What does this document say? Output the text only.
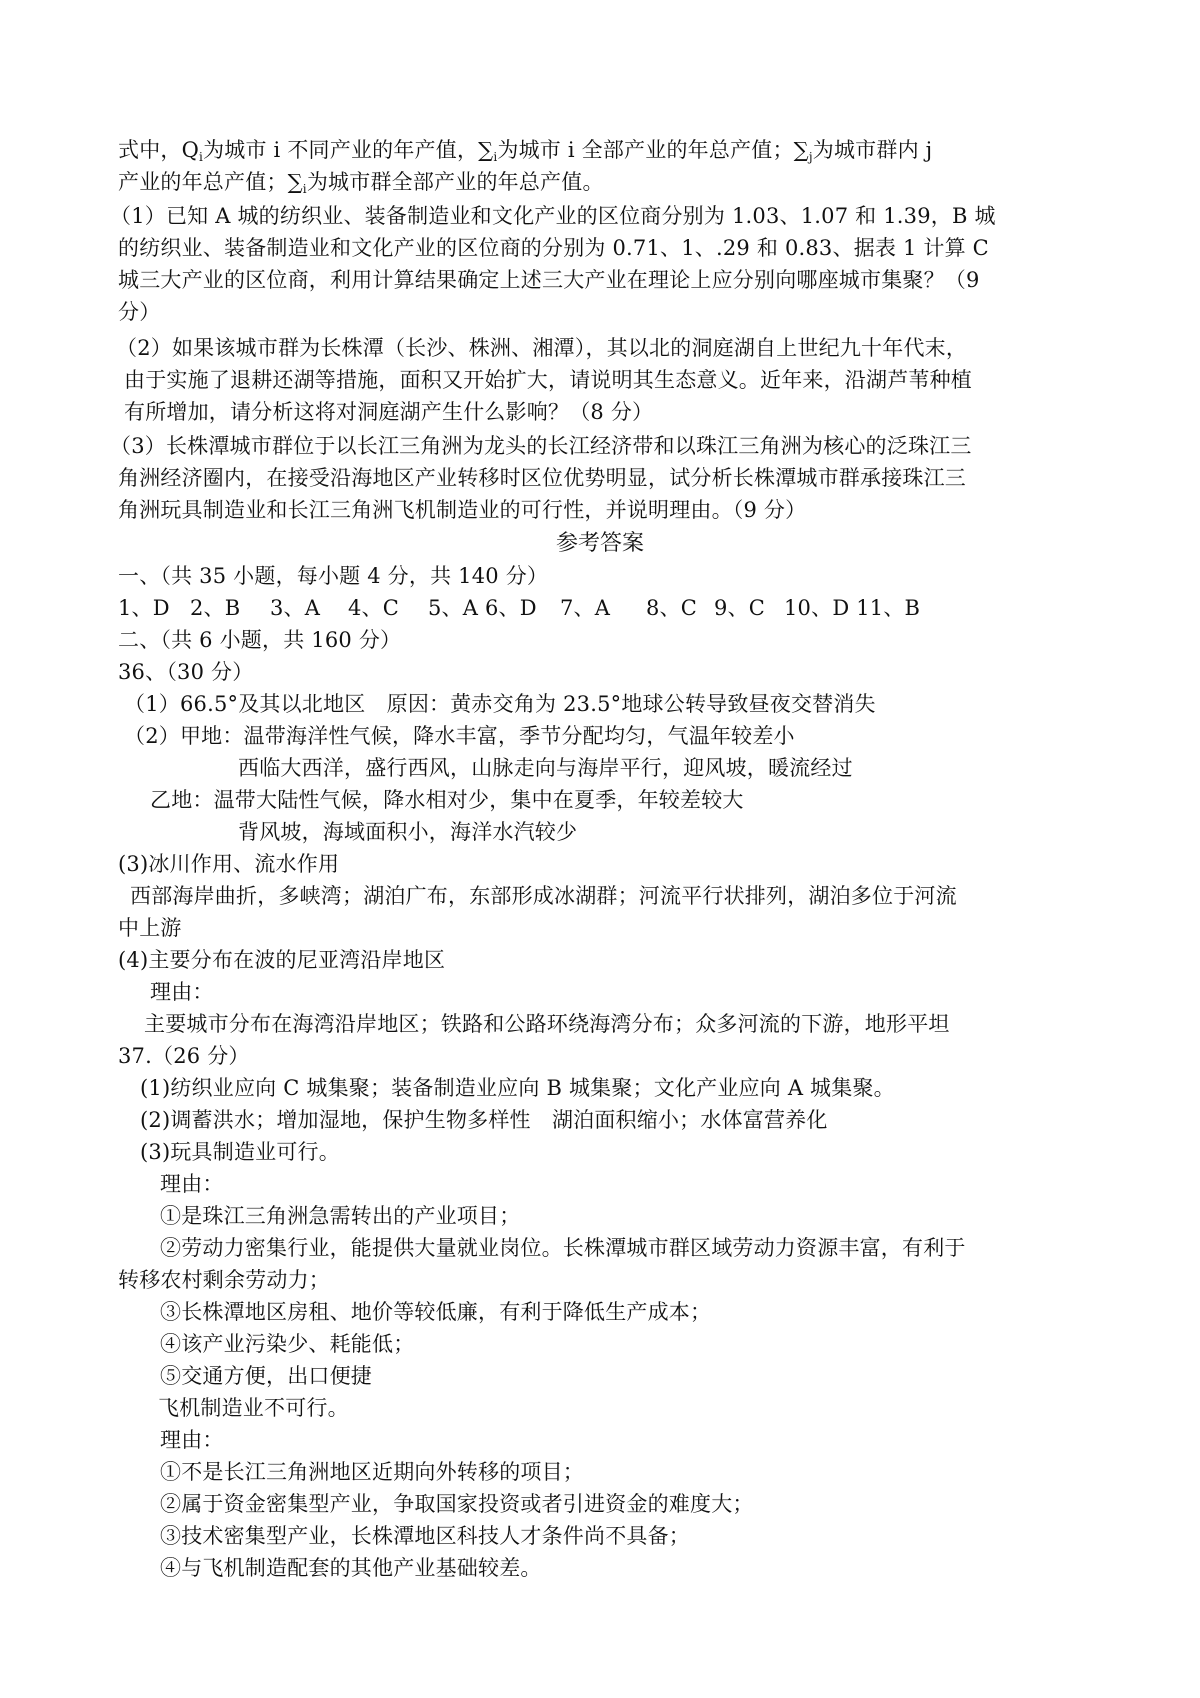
式中，$Q_i$为城市 i 不同产业的年产值，$\sum_i$为城市 i 全部产业的年总产值；$\sum_j$为城市群内 j
产业的年总产值；$\sum_i$为城市群全部产业的年总产值。
（1）已知 A 城的纺织业、装备制造业和文化产业的区位商分别为 1.03、1.07 和 1.39，B 城
的纺织业、装备制造业和文化产业的区位商的分别为 0.71、1、.29 和 0.83、据表 1 计算 C
城三大产业的区位商，利用计算结果确定上述三大产业在理论上应分别向哪座城市集聚？（9
分）
（2）如果该城市群为长株潭（长沙、株洲、湘潭），其以北的洞庭湖自上世纪九十年代末，
由于实施了退耕还湖等措施，面积又开始扩大，请说明其生态意义。近年来，沿湖芦苇种植
有所增加，请分析这将对洞庭湖产生什么影响？（8 分）
（3）长株潭城市群位于以长江三角洲为龙头的长江经济带和以珠江三角洲为核心的泛珠江三
角洲经济圈内，在接受沿海地区产业转移时区位优势明显，试分析长株潭城市群承接珠江三
角洲玩具制造业和长江三角洲飞机制造业的可行性，并说明理由。（9 分）
参考答案
一、（共 35 小题，每小题 4 分，共 140 分）
1、D 2、B 3、A 4、C 5、A 6、D 7、A 8、C 9、C 10、D 11、B
二、（共 6 小题，共 160 分）
36、（30 分）
（1）66.5°及其以北地区　原因：黄赤交角为 23.5°地球公转导致昼夜交替消失
（2）甲地：温带海洋性气候，降水丰富，季节分配均匀，气温年较差小
西临大西洋，盛行西风，山脉走向与海岸平行，迎风坡，暖流经过
乙地：温带大陆性气候，降水相对少，集中在夏季，年较差较大
背风坡，海域面积小，海洋水汽较少
(3)冰川作用、流水作用
西部海岸曲折，多峡湾；湖泊广布，东部形成冰湖群；河流平行状排列，湖泊多位于河流
中上游
(4)主要分布在波的尼亚湾沿岸地区
理由：
主要城市分布在海湾沿岸地区；铁路和公路环绕海湾分布；众多河流的下游，地形平坦
37.（26 分）
(1)纺织业应向 C 城集聚；装备制造业应向 B 城集聚；文化产业应向 A 城集聚。
(2)调蓄洪水；增加湿地，保护生物多样性　湖泊面积缩小；水体富营养化
(3)玩具制造业可行。
理由：
①是珠江三角洲急需转出的产业项目；
②劳动力密集行业，能提供大量就业岗位。长株潭城市群区域劳动力资源丰富，有利于
转移农村剩余劳动力；
③长株潭地区房租、地价等较低廉，有利于降低生产成本；
④该产业污染少、耗能低；
⑤交通方便，出口便捷
飞机制造业不可行。
理由：
①不是长江三角洲地区近期向外转移的项目；
②属于资金密集型产业，争取国家投资或者引进资金的难度大；
③技术密集型产业，长株潭地区科技人才条件尚不具备；
④与飞机制造配套的其他产业基础较差。
